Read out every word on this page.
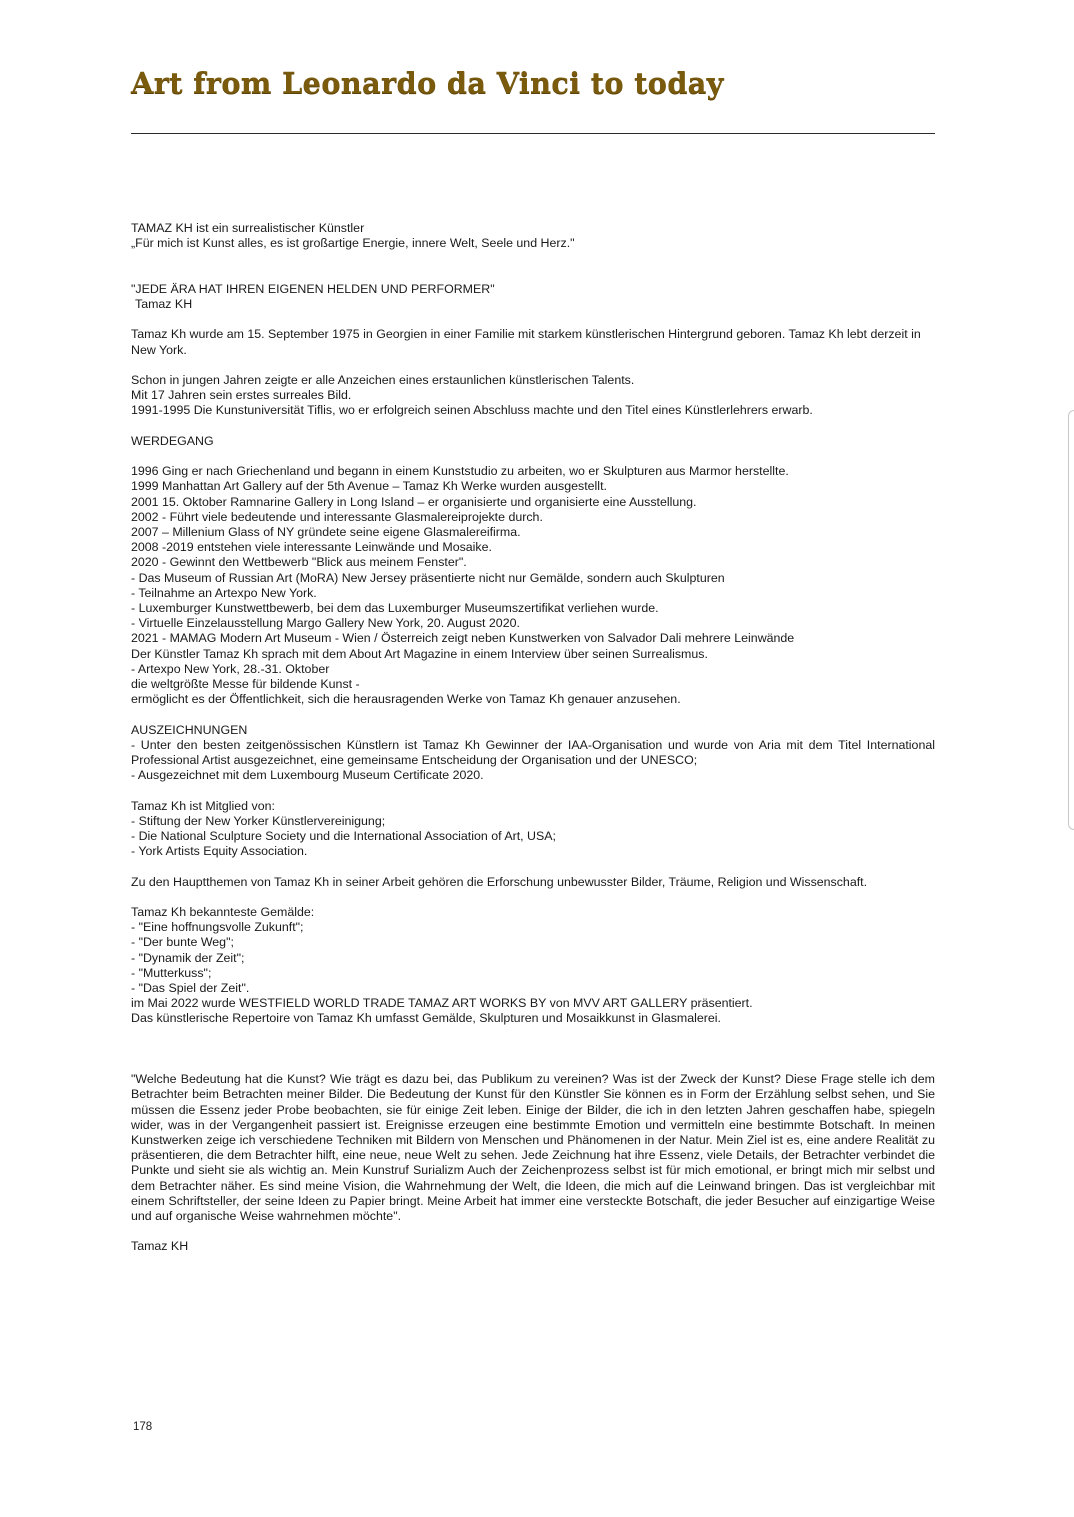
Art from Leonardo da Vinci to today
TAMAZ KH ist ein surrealistischer Künstler
„Für mich ist Kunst alles, es ist großartige Energie, innere Welt, Seele und Herz."
"JEDE ÄRA HAT IHREN EIGENEN HELDEN UND PERFORMER"
Tamaz KH

Tamaz Kh wurde am 15. September 1975 in Georgien in einer Familie mit starkem künstlerischen Hintergrund geboren. Tamaz Kh lebt derzeit in New York.

Schon in jungen Jahren zeigte er alle Anzeichen eines erstaunlichen künstlerischen Talents.
Mit 17 Jahren sein erstes surreales Bild.
1991-1995 Die Kunstuniversität Tiflis, wo er erfolgreich seinen Abschluss machte und den Titel eines Künstlerlehrers erwarb.
WERDEGANG
1996 Ging er nach Griechenland und begann in einem Kunststudio zu arbeiten, wo er Skulpturen aus Marmor herstellte.
1999 Manhattan Art Gallery auf der 5th Avenue – Tamaz Kh Werke wurden ausgestellt.
2001 15. Oktober Ramnarine Gallery in Long Island – er organisierte und organisierte eine Ausstellung.
2002 - Führt viele bedeutende und interessante Glasmalereiprojekte durch.
2007 – Millenium Glass of NY gründete seine eigene Glasmalereifirma.
2008 -2019 entstehen viele interessante Leinwände und Mosaike.
2020 - Gewinnt den Wettbewerb "Blick aus meinem Fenster".
- Das Museum of Russian Art (MoRA) New Jersey präsentierte nicht nur Gemälde, sondern auch Skulpturen
- Teilnahme an Artexpo New York.
- Luxemburger Kunstwettbewerb, bei dem das Luxemburger Museumszertifikat verliehen wurde.
- Virtuelle Einzelausstellung Margo Gallery New York, 20. August 2020.
2021 - MAMAG Modern Art Museum - Wien / Österreich zeigt neben Kunstwerken von Salvador Dali mehrere Leinwände
Der Künstler Tamaz Kh sprach mit dem About Art Magazine in einem Interview über seinen Surrealismus.
- Artexpo New York, 28.-31. Oktober
die weltgrößte Messe für bildende Kunst -
ermöglicht es der Öffentlichkeit, sich die herausragenden Werke von Tamaz Kh genauer anzusehen.
AUSZEICHNUNGEN

- Unter den besten zeitgenössischen Künstlern ist Tamaz Kh Gewinner der IAA-Organisation und wurde von Aria mit dem Titel International Professional Artist ausgezeichnet, eine gemeinsame Entscheidung der Organisation und der UNESCO;

- Ausgezeichnet mit dem Luxembourg Museum Certificate 2020.
Tamaz Kh ist Mitglied von:
- Stiftung der New Yorker Künstlervereinigung;
- Die National Sculpture Society und die International Association of Art, USA;
- York Artists Equity Association.
Zu den Hauptthemen von Tamaz Kh in seiner Arbeit gehören die Erforschung unbewusster Bilder, Träume, Religion und Wissenschaft.
Tamaz Kh bekannteste Gemälde:
- "Eine hoffnungsvolle Zukunft";
- "Der bunte Weg";
- "Dynamik der Zeit";
- "Mutterkuss";
- "Das Spiel der Zeit".
im Mai 2022 wurde WESTFIELD WORLD TRADE TAMAZ ART WORKS BY von MVV ART GALLERY präsentiert.
Das künstlerische Repertoire von Tamaz Kh umfasst Gemälde, Skulpturen und Mosaikkunst in Glasmalerei.

"Welche Bedeutung hat die Kunst? Wie trägt es dazu bei, das Publikum zu vereinen? Was ist der Zweck der Kunst? Diese Frage stelle ich dem Betrachter beim Betrachten meiner Bilder. Die Bedeutung der Kunst für den Künstler Sie können es in Form der Erzählung selbst sehen, und Sie müssen die Essenz jeder Probe beobachten, sie für einige Zeit leben. Einige der Bilder, die ich in den letzten Jahren geschaffen habe, spiegeln wider, was in der Vergangenheit passiert ist. Ereignisse erzeugen eine bestimmte Emotion und vermitteln eine bestimmte Botschaft. In meinen Kunstwerken zeige ich verschiedene Techniken mit Bildern von Menschen und Phänomenen in der Natur. Mein Ziel ist es, eine andere Realität zu präsentieren, die dem Betrachter hilft, eine neue, neue Welt zu sehen. Jede Zeichnung hat ihre Essenz, viele Details, der Betrachter verbindet die Punkte und sieht sie als wichtig an. Mein Kunstruf Surializm Auch der Zeichenprozess selbst ist für mich emotional, er bringt mich mir selbst und dem Betrachter näher. Es sind meine Vision, die Wahrnehmung der Welt, die Ideen, die mich auf die Leinwand bringen. Das ist vergleichbar mit einem Schriftsteller, der seine Ideen zu Papier bringt. Meine Arbeit hat immer eine versteckte Botschaft, die jeder Besucher auf einzigartige Weise und auf organische Weise wahrnehmen möchte".

Tamaz KH
178
